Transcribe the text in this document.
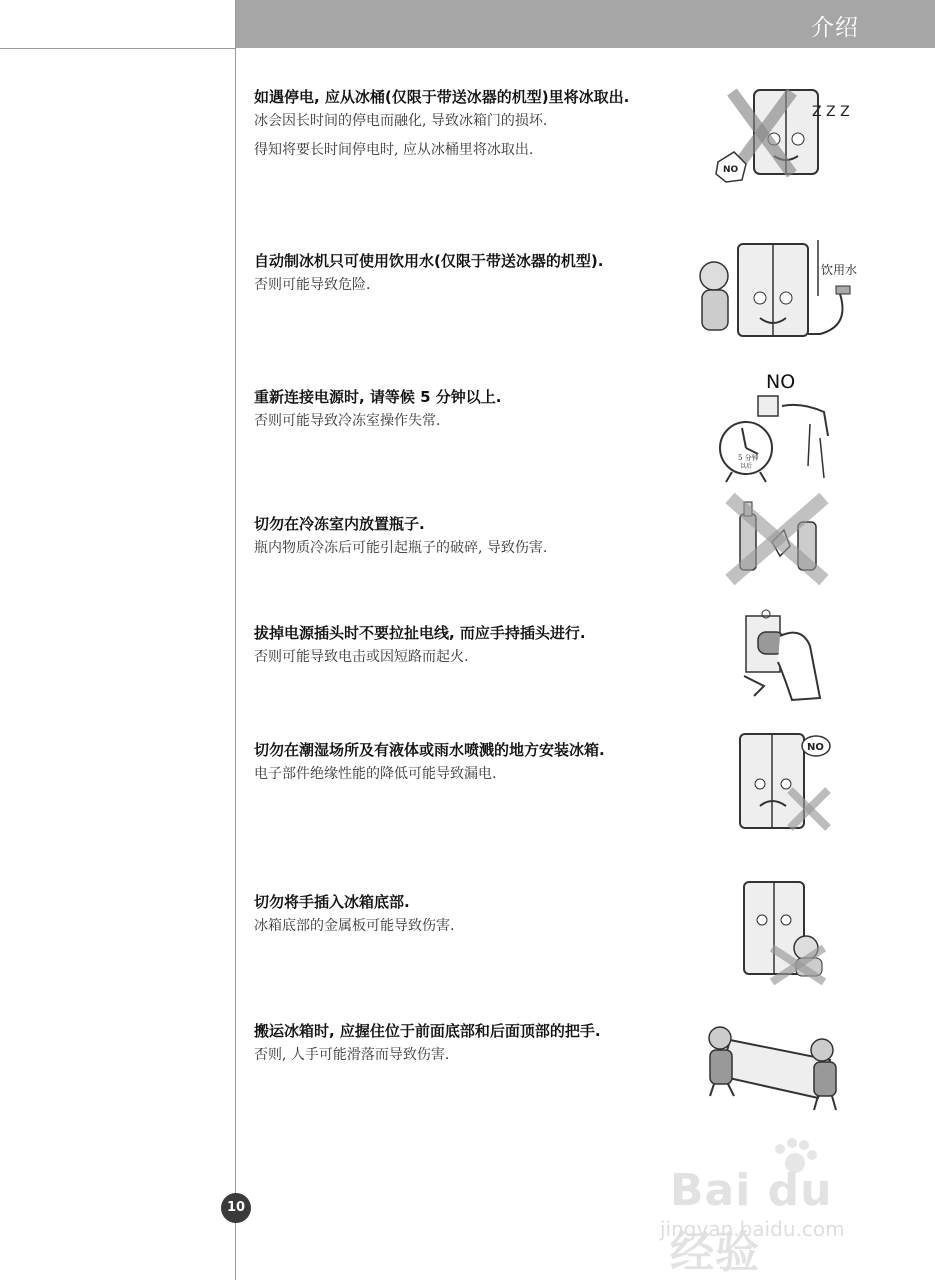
介绍
如遇停电, 应从冰桶(仅限于带送冰器的机型)里将冰取出.
冰会因长时间的停电而融化, 导致冰箱门的损坏.
得知将要长时间停电时, 应从冰桶里将冰取出.
Z Z Z
NO
自动制冰机只可使用饮用水(仅限于带送冰器的机型).
否则可能导致危险.
饮用水
重新连接电源时, 请等候 5 分钟以上.
否则可能导致冷冻室操作失常.
NO
5 分钟
以后
切勿在冷冻室内放置瓶子.
瓶内物质冷冻后可能引起瓶子的破碎, 导致伤害.
拔掉电源插头时不要拉扯电线, 而应手持插头进行.
否则可能导致电击或因短路而起火.
切勿在潮湿场所及有液体或雨水喷溅的地方安装冰箱.
电子部件绝缘性能的降低可能导致漏电.
NO
切勿将手插入冰箱底部.
冰箱底部的金属板可能导致伤害.
搬运冰箱时, 应握住位于前面底部和后面顶部的把手.
否则, 人手可能滑落而导致伤害.
10	Bai du 经验
jingyan.baidu.com
